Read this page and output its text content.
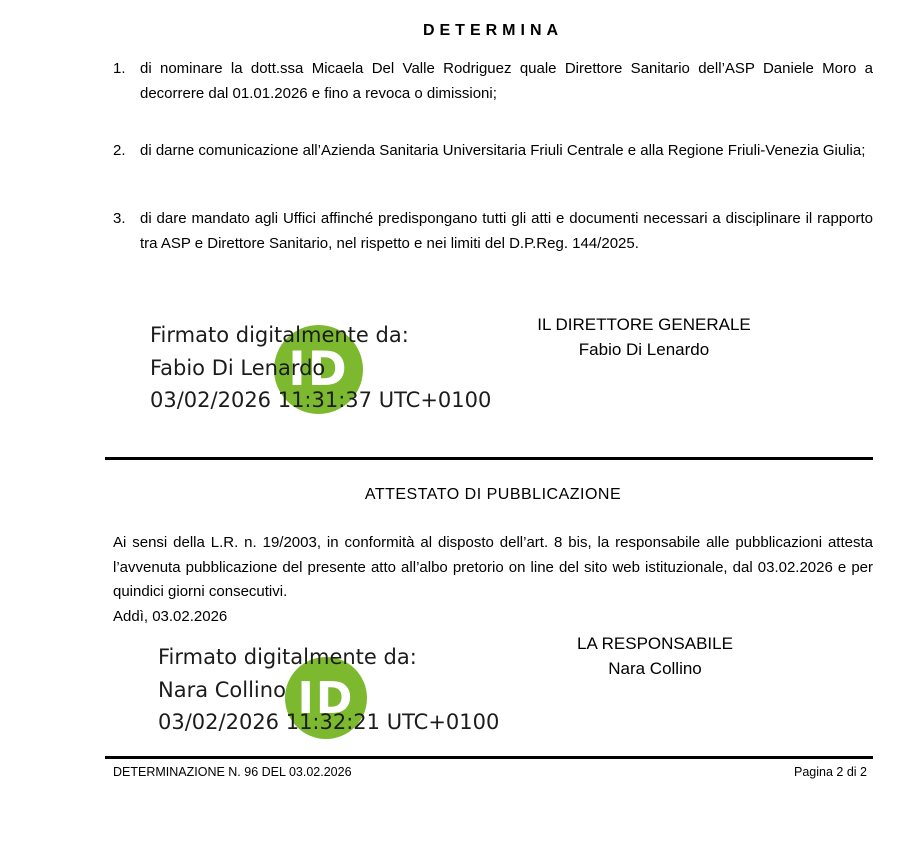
DETERMINA
1. di nominare la dott.ssa Micaela Del Valle Rodriguez quale Direttore Sanitario dell’ASP Daniele Moro a decorrere dal 01.01.2026 e fino a revoca o dimissioni;
2. di darne comunicazione all’Azienda Sanitaria Universitaria Friuli Centrale e alla Regione Friuli-Venezia Giulia;
3. di dare mandato agli Uffici affinché predispongano tutti gli atti e documenti necessari a disciplinare il rapporto tra ASP e Direttore Sanitario, nel rispetto e nei limiti del D.P.Reg. 144/2025.
ID
Firmato digitalmente da:
Fabio Di Lenardo
03/02/2026 11:31:37 UTC+0100
IL DIRETTORE GENERALE
Fabio Di Lenardo
ATTESTATO DI PUBBLICAZIONE
Ai sensi della L.R. n. 19/2003, in conformità al disposto dell’art. 8 bis, la responsabile alle pubblicazioni attesta l’avvenuta pubblicazione del presente atto all’albo pretorio on line del sito web istituzionale, dal 03.02.2026 e per quindici giorni consecutivi.
Addì, 03.02.2026
LA RESPONSABILE
Nara Collino
ID
Firmato digitalmente da:
Nara Collino
03/02/2026 11:32:21 UTC+0100
DETERMINAZIONE N. 96 DEL 03.02.2026	Pagina 2 di 2
